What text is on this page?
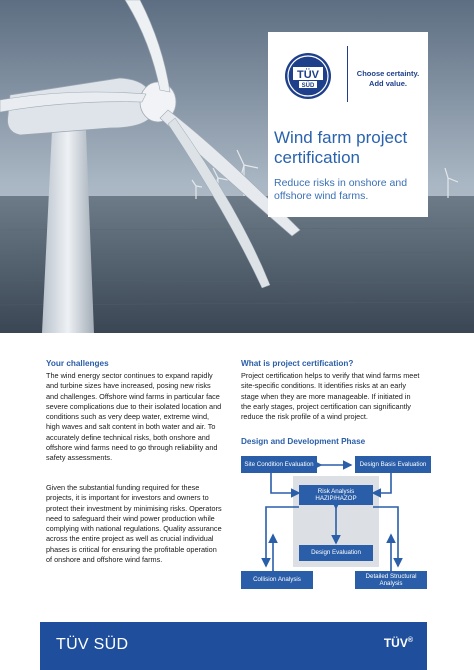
TÜV
SÜD
Choose certainty.
Add value.
Wind farm project
certification
Reduce risks in onshore and
offshore wind farms.
Your challenges
The wind energy sector continues to expand rapidly
and turbine sizes have increased, posing new risks
and challenges. Offshore wind farms in particular face
severe complications due to their isolated location and
conditions such as very deep water, extreme wind,
high waves and salt content in both water and air. To
accurately define technical risks, both onshore and
offshore wind farms need to go through reliability and
safety assessments.
Given the substantial funding required for these
projects, it is important for investors and owners to
protect their investment by minimising risks. Operators
need to safeguard their wind power production while
complying with national regulations. Quality assurance
across the entire project as well as crucial individual
phases is critical for ensuring the profitable operation
of onshore and offshore wind farms.
What is project certification?
Project certification helps to verify that wind farms meet
site-specific conditions. It identifies risks at an early
stage when they are more manageable. If initiated in
the early stages, project certification can significantly
reduce the risk profile of a wind project.
Design and Development Phase
Site Condition Evaluation	Design Basis Evaluation
Risk Analysis
HAZIP/HAZOP
Design Evaluation
Collision Analysis
Detailed Structural
Analysis
TÜV SÜD	TÜV®
